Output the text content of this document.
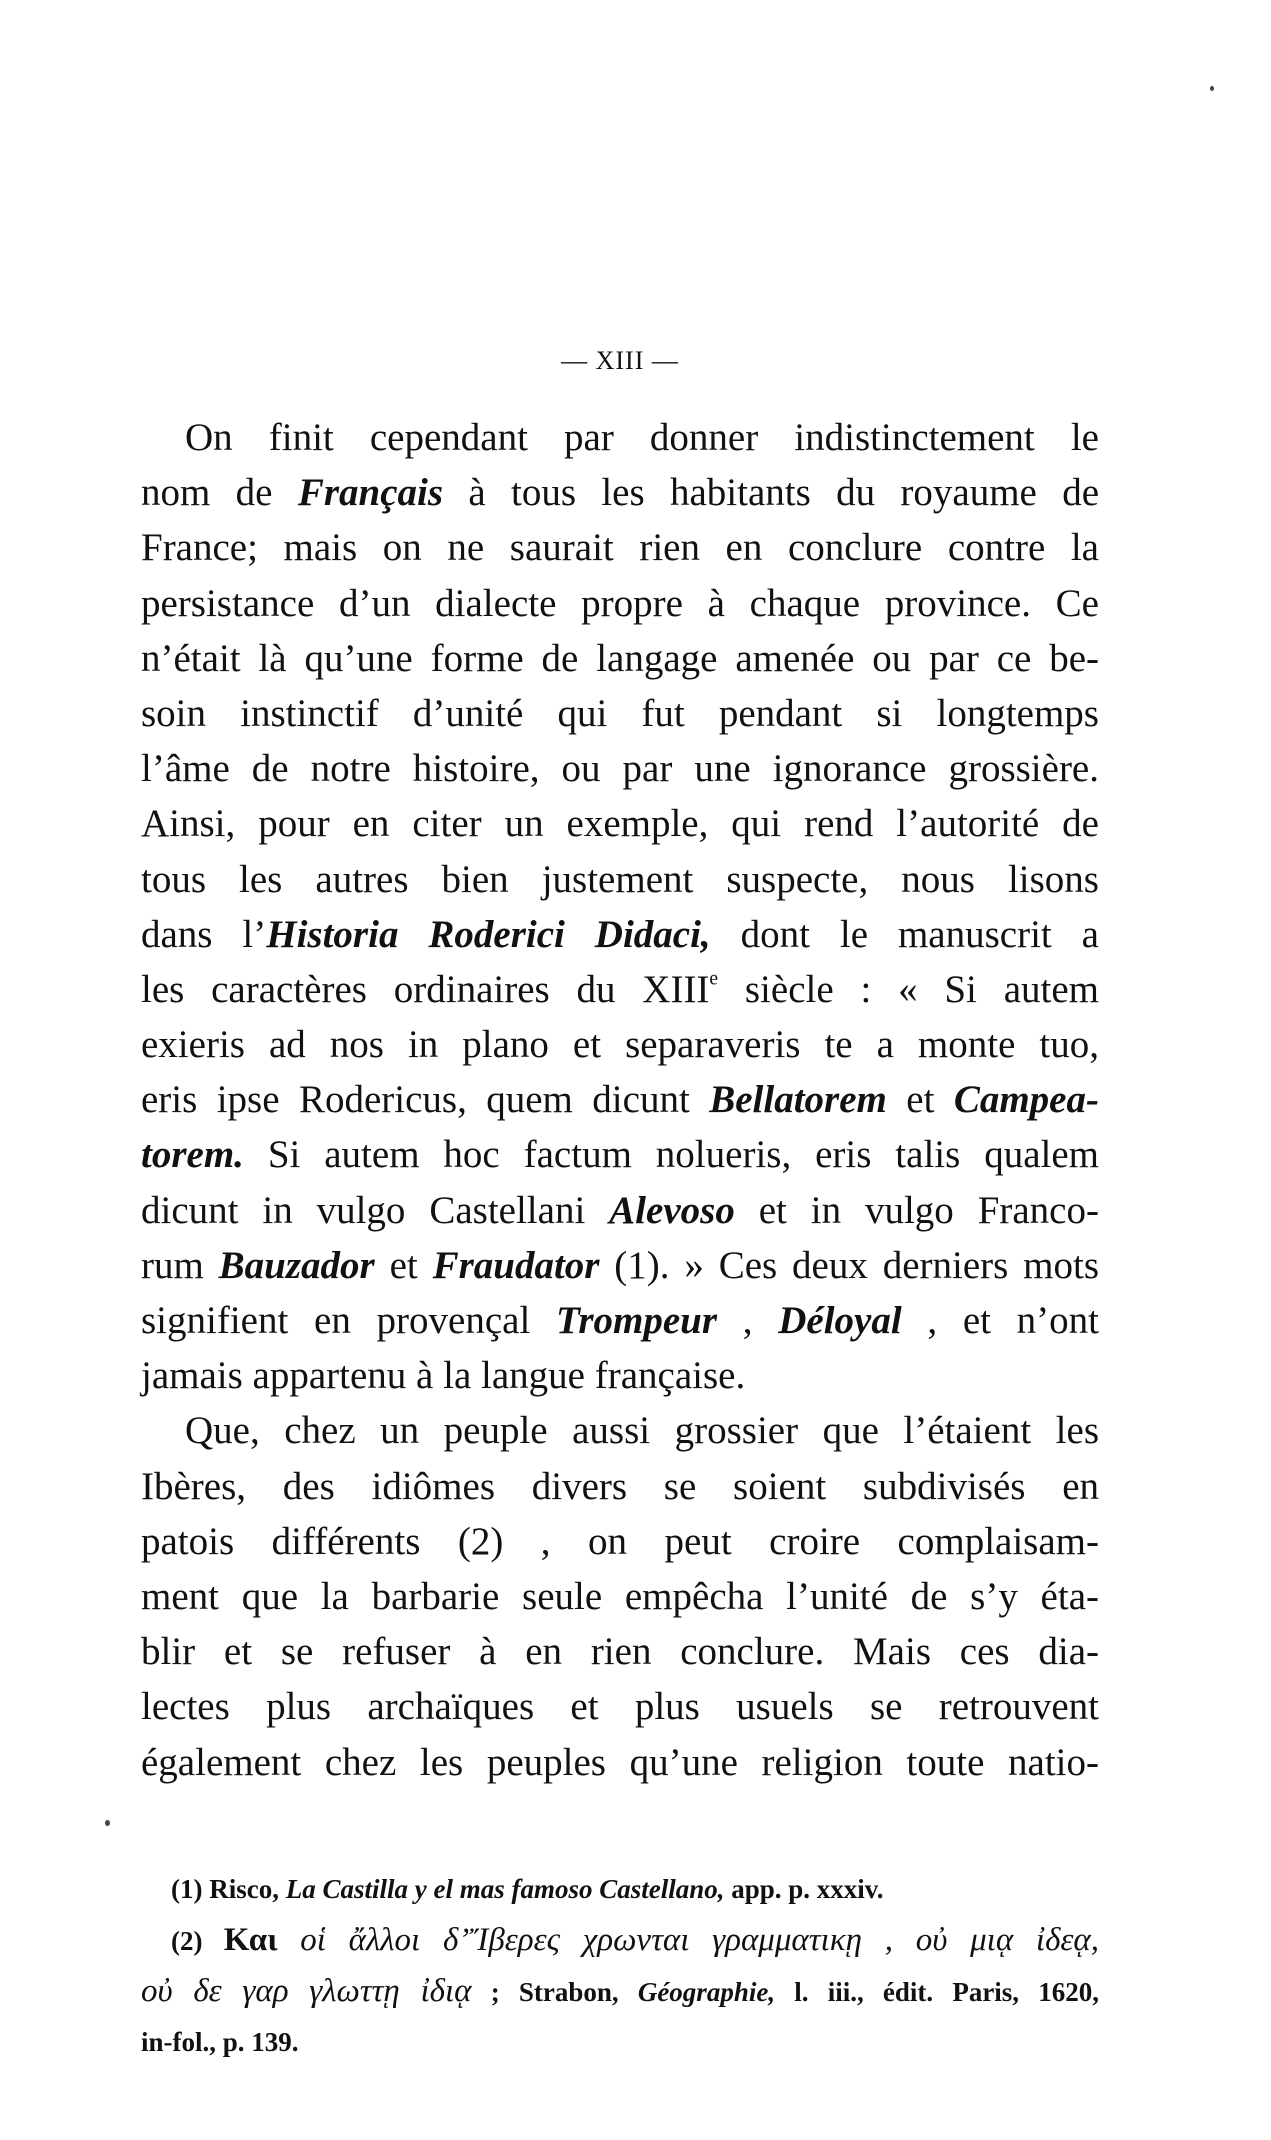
— XIII —
On finit cependant par donner indistinctement le
nom de Français à tous les habitants du royaume de
France; mais on ne saurait rien en conclure contre la
persistance d’un dialecte propre à chaque province. Ce
n’était là qu’une forme de langage amenée ou par ce be-
soin instinctif d’unité qui fut pendant si longtemps
l’âme de notre histoire, ou par une ignorance grossière.
Ainsi, pour en citer un exemple, qui rend l’autorité de
tous les autres bien justement suspecte, nous lisons
dans l’Historia Roderici Didaci, dont le manuscrit a
les caractères ordinaires du XIIIe siècle : « Si autem
exieris ad nos in plano et separaveris te a monte tuo,
eris ipse Rodericus, quem dicunt Bellatorem et Campea-
torem. Si autem hoc factum nolueris, eris talis qualem
dicunt in vulgo Castellani Alevoso et in vulgo Franco-
rum Bauzador et Fraudator (1). » Ces deux derniers mots
signifient en provençal Trompeur , Déloyal , et n’ont
jamais appartenu à la langue française.
Que, chez un peuple aussi grossier que l’étaient les
Ibères, des idiômes divers se soient subdivisés en
patois différents (2) , on peut croire complaisam-
ment que la barbarie seule empêcha l’unité de s’y éta-
blir et se refuser à en rien conclure. Mais ces dia-
lectes plus archaïques et plus usuels se retrouvent
également chez les peuples qu’une religion toute natio-
(1) Risco, La Castilla y el mas famoso Castellano, app. p. xxxiv.
(2) Και οἱ ἄλλοι δ’Ἴβερες χρωνται γραμματικῃ , οὐ μιᾳ ἰδεᾳ,
οὐ δε γαρ γλωττῃ ἰδιᾳ ; Strabon, Géographie, l. iii., édit. Paris, 1620,
in-fol., p. 139.
